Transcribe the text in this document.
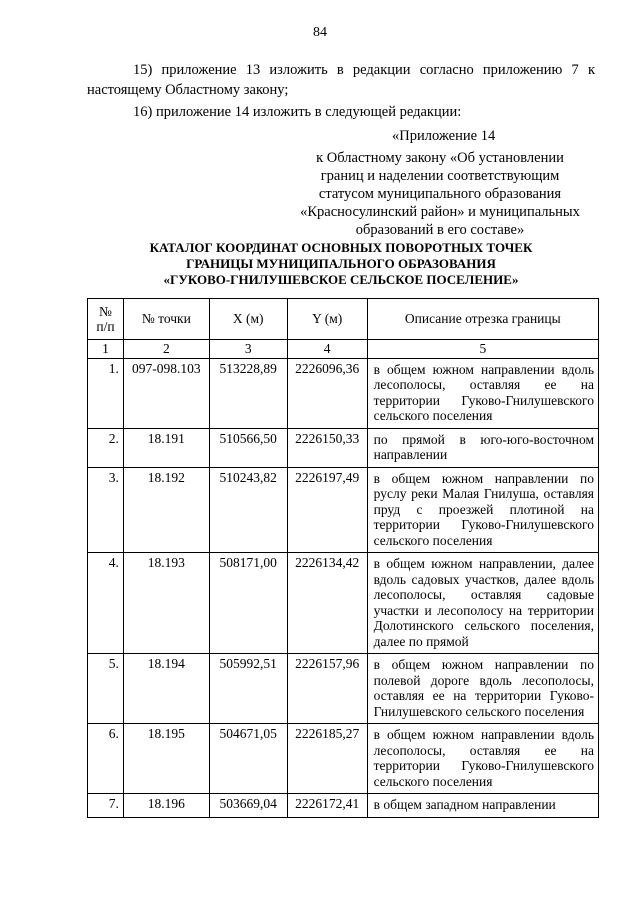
84
15) приложение 13 изложить в редакции согласно приложению 7 к настоящему Областному закону;
16) приложение 14 изложить в следующей редакции:
«Приложение 14
к Областному закону «Об установлении
границ и наделении соответствующим
статусом муниципального образования
«Красносулинский район» и муниципальных
образований в его составе»
КАТАЛОГ КООРДИНАТ ОСНОВНЫХ ПОВОРОТНЫХ ТОЧЕК
ГРАНИЦЫ МУНИЦИПАЛЬНОГО ОБРАЗОВАНИЯ
«ГУКОВО-ГНИЛУШЕВСКОЕ СЕЛЬСКОЕ ПОСЕЛЕНИЕ»
№ п/п	№ точки	X (м)	Y (м)	Описание отрезка границы
1	2	3	4	5
1.	097-098.103	513228,89	2226096,36	в общем южном направлении вдоль лесополосы, оставляя ее на территории Гуково-Гнилушевского сельского поселения
2.	18.191	510566,50	2226150,33	по прямой в юго-юго-восточном направлении
3.	18.192	510243,82	2226197,49	в общем южном направлении по руслу реки Малая Гнилуша, оставляя пруд с проезжей плотиной на территории Гуково-Гнилушевского сельского поселения
4.	18.193	508171,00	2226134,42	в общем южном направлении, далее вдоль садовых участков, далее вдоль лесополосы, оставляя садовые участки и лесополосу на территории Долотинского сельского поселения, далее по прямой
5.	18.194	505992,51	2226157,96	в общем южном направлении по полевой дороге вдоль лесополосы, оставляя ее на территории Гуково-Гнилушевского сельского поселения
6.	18.195	504671,05	2226185,27	в общем южном направлении вдоль лесополосы, оставляя ее на территории Гуково-Гнилушевского сельского поселения
7.	18.196	503669,04	2226172,41	в общем западном направлении
